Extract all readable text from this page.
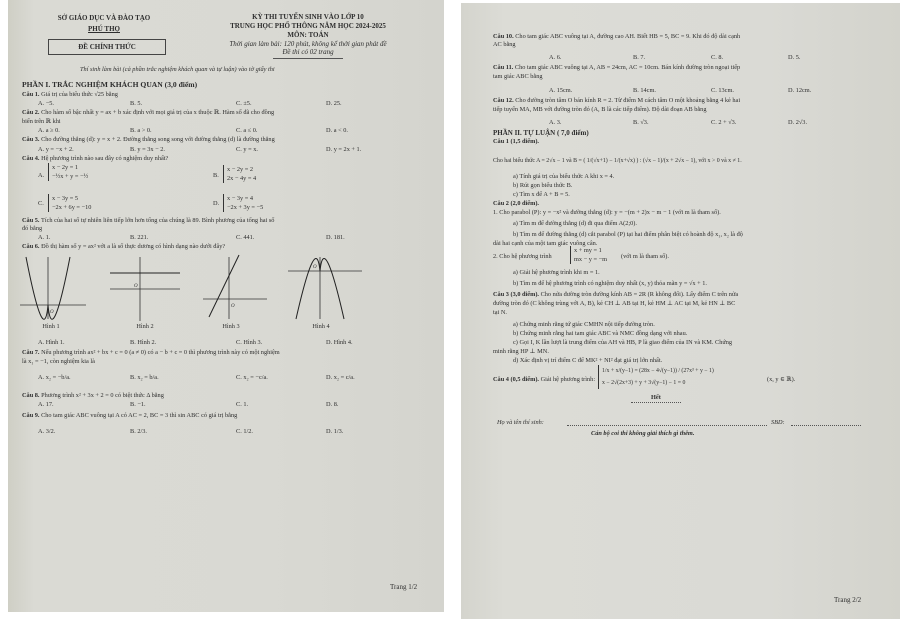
SỞ GIÁO DỤC VÀ ĐÀO TẠO
PHÚ THỌ
ĐỀ CHÍNH THỨC
KỲ THI TUYỂN SINH VÀO LỚP 10
TRUNG HỌC PHỔ THÔNG NĂM HỌC 2024-2025
MÔN: TOÁN
Thời gian làm bài: 120 phút, không kể thời gian phát đề
Đề thi có 02 trang
Thí sinh làm bài (cả phần trắc nghiệm khách quan và tự luận) vào tờ giấy thi
PHẦN I. TRẮC NGHIỆM KHÁCH QUAN (3,0 điểm)
Câu 1. Giá trị của biểu thức √25 bằng
A. −5.	B. 5.	C. ±5.	D. 25.
Câu 2. Cho hàm số bậc nhất y = ax + b xác định với mọi giá trị của x thuộc ℝ. Hàm số đã cho đồng
biến trên ℝ khi
A. a ≥ 0.	B. a > 0.	C. a ≤ 0.	D. a < 0.
Câu 3. Cho đường thẳng (d): y = x + 2. Đường thẳng song song với đường thẳng (d) là đường thẳng
A. y = −x + 2.	B. y = 3x − 2.	C. y = x.	D. y = 2x + 1.
Câu 4. Hệ phương trình nào sau đây có nghiệm duy nhất?
A.
x − 2y = 1
−½x + y = −½	B.
x − 2y = 2
2x − 4y = 4
C.
x − 3y = 5
−2x + 6y = −10
D.
x − 3y = 4
−2x + 3y = −5
Câu 5. Tích của hai số tự nhiên liên tiếp lớn hơn tổng của chúng là 89. Bình phương của tổng hai số
đó bằng
A. 1.	B. 221.	C. 441.	D. 181.
Câu 6. Đồ thị hàm số y = ax² với a là số thực dương có hình dạng nào dưới đây?
O
Hình 1
O
Hình 2
O
Hình 3
O
Hình 4
A. Hình 1.	B. Hình 2.	C. Hình 3.	D. Hình 4.
Câu 7. Nếu phương trình ax² + bx + c = 0 (a ≠ 0) có a − b + c = 0 thì phương trình này có một nghiệm
là x₁ = −1, còn nghiệm kia là
A. x₂ = −b/a.	B. x₂ = b/a.	C. x₂ = −c/a.	D. x₂ = c/a.
Câu 8. Phương trình x² + 3x + 2 = 0 có biệt thức Δ bằng
A. 17.	B. −1.	C. 1.	D. 8.
Câu 9. Cho tam giác ABC vuông tại A có AC = 2, BC = 3 thì sin ABC có giá trị bằng
A. 3/2.	B. 2/3.	C. 1/2.	D. 1/3.
Trang 1/2
Câu 10. Cho tam giác ABC vuông tại A, đường cao AH. Biết HB = 5, BC = 9. Khi đó độ dài cạnh
AC bằng
A. 6.	B. 7.	C. 8.	D. 5.
Câu 11. Cho tam giác ABC vuông tại A, AB = 24cm, AC = 10cm. Bán kính đường tròn ngoại tiếp
tam giác ABC bằng
A. 15cm.	B. 14cm.	C. 13cm.	D. 12cm.
Câu 12. Cho đường tròn tâm O bán kính R = 2. Từ điểm M cách tâm O một khoảng bằng 4 kẻ hai
tiếp tuyến MA, MB với đường tròn đó (A, B là các tiếp điểm). Độ dài đoạn AB bằng
A. 3.	B. √3.	C. 2 + √3.	D. 2√3.
PHẦN II. TỰ LUẬN ( 7,0 điểm)
Câu 1 (1,5 điểm).
Cho hai biểu thức A = 2√x − 1 và B = ( 1/(√x+1) − 1/(x+√x) ) : (√x − 1)/(x + 2√x − 1), với x > 0 và x ≠ 1.
a) Tính giá trị của biểu thức A khi x = 4.
b) Rút gọn biểu thức B.
c) Tìm x để A + B = 5.
Câu 2 (2,0 điểm).
1. Cho parabol (P): y = −x² và đường thẳng (d): y = −(m + 2)x − m − 1 (với m là tham số).
a) Tìm m để đường thẳng (d) đi qua điểm A(2;0).
b) Tìm m để đường thẳng (d) cắt parabol (P) tại hai điểm phân biệt có hoành độ x₁, x₂ là độ
dài hai cạnh của một tam giác vuông cân.
2. Cho hệ phương trình
x + my = 1
mx − y = −m (với m là tham số).
a) Giải hệ phương trình khi m = 1.
b) Tìm m để hệ phương trình có nghiệm duy nhất (x, y) thỏa mãn y = √x + 1.
Câu 3 (3,0 điểm). Cho nửa đường tròn đường kính AB = 2R (R không đổi). Lấy điểm C trên nửa
đường tròn đó (C không trùng với A, B), kẻ CH ⊥ AB tại H, kẻ HM ⊥ AC tại M, kẻ HN ⊥ BC
tại N.
a) Chứng minh rằng tứ giác CMHN nội tiếp đường tròn.
b) Chứng minh rằng hai tam giác ABC và NMC đồng dạng với nhau.
c) Gọi I, K lần lượt là trung điểm của AH và HB, P là giao điểm của IN và KM. Chứng
minh rằng HP ⊥ MN.
d) Xác định vị trí điểm C để MK² + NI² đạt giá trị lớn nhất.
Câu 4 (0,5 điểm). Giải hệ phương trình:
1/x + x/(y−1) = (28x − 4√(y−1)) / (27x³ + y − 1)
x − 2√(2x+3) + y + 3√(y−1) − 1 = 0	(x, y ∈ ℝ).
Hết
Họ và tên thí sinh:	SBD:
Cán bộ coi thi không giải thích gì thêm.
Trang 2/2
